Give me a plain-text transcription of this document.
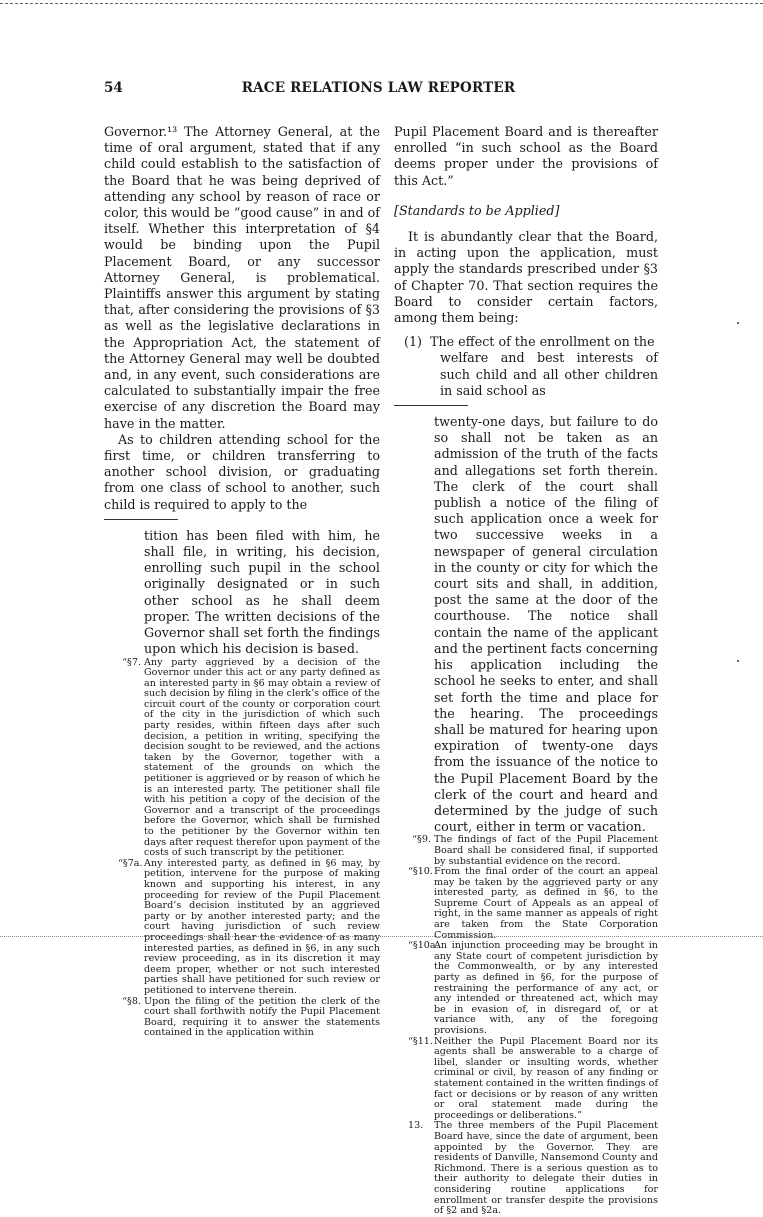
54	RACE RELATIONS LAW REPORTER

Governor.¹³ The Attorney General, at the time of oral argument, stated that if any child could establish to the satisfaction of the Board that he was being deprived of attending any school by reason of race or color, this would be “good cause” in and of itself. Whether this interpretation of §4 would be binding upon the Pupil Placement Board, or any successor Attorney General, is problematical. Plaintiffs answer this argument by stating that, after considering the provisions of §3 as well as the legislative declarations in the Appropriation Act, the statement of the Attorney General may well be doubted and, in any event, such considerations are calculated to substantially impair the free exercise of any discretion the Board may have in the matter.

As to children attending school for the first time, or children transferring to another school division, or graduating from one class of school to another, such child is required to apply to the

tition has been filed with him, he shall file, in writing, his decision, enrolling such pupil in the school originally designated or in such other school as he shall deem proper. The written decisions of the Governor shall set forth the findings upon which his decision is based.

“§7. Any party aggrieved by a decision of the Governor under this act or any party defined as an interested party in §6 may obtain a review of such decision by filing in the clerk’s office of the circuit court of the county or corporation court of the city in the jurisdiction of which such party resides, within fifteen days after such decision, a petition in writing, specifying the decision sought to be reviewed, and the actions taken by the Governor, together with a statement of the grounds on which the petitioner is aggrieved or by reason of which he is an interested party. The petitioner shall file with his petition a copy of the decision of the Governor and a transcript of the proceedings before the Governor, which shall be furnished to the petitioner by the Governor within ten days after request therefor upon payment of the costs of such transcript by the petitioner.
“§7a. Any interested party, as defined in §6 may, by petition, intervene for the purpose of making known and supporting his interest, in any proceeding for review of the Pupil Placement Board’s decision instituted by an aggrieved party or by another interested party; and the court having jurisdiction of such review proceedings shall hear the evidence of as many interested parties, as defined in §6, in any such review proceeding, as in its discretion it may deem proper, whether or not such interested parties shall have petitioned for such review or petitioned to intervene therein.
“§8. Upon the filing of the petition the clerk of the court shall forthwith notify the Pupil Placement Board, requiring it to answer the statements contained in the application within

Pupil Placement Board and is thereafter enrolled “in such school as the Board deems proper under the provisions of this Act.”

[Standards to be Applied]

It is abundantly clear that the Board, in acting upon the application, must apply the standards prescribed under §3 of Chapter 70. That section requires the Board to consider certain factors, among them being:

(1) The effect of the enrollment on the
welfare and best interests of such child and all other children in said school as

twenty-one days, but failure to do so shall not be taken as an admission of the truth of the facts and allegations set forth therein. The clerk of the court shall publish a notice of the filing of such application once a week for two successive weeks in a newspaper of general circulation in the county or city for which the court sits and shall, in addition, post the same at the door of the courthouse. The notice shall contain the name of the applicant and the pertinent facts concerning his application including the school he seeks to enter, and shall set forth the time and place for the hearing. The proceedings shall be matured for hearing upon expiration of twenty-one days from the issuance of the notice to the Pupil Placement Board by the clerk of the court and heard and determined by the judge of such court, either in term or vacation.

“§9. The findings of fact of the Pupil Placement Board shall be considered final, if supported by substantial evidence on the record.
“§10. From the final order of the court an appeal may be taken by the aggrieved party or any interested party, as defined in §6, to the Supreme Court of Appeals as an appeal of right, in the same manner as appeals of right are taken from the State Corporation Commission.
“§10a.
An injunction proceeding may be brought in any State court of competent jurisdiction by the Commonwealth, or by any interested party as defined in §6, for the purpose of restraining the performance of any act, or any intended or threatened act, which may be in evasion of, in disregard of, or at variance with, any of the foregoing provisions.
“§11. Neither the Pupil Placement Board nor its agents shall be answerable to a charge of libel, slander or insulting words, whether criminal or civil, by reason of any finding or statement contained in the written findings of fact or decisions or by reason of any written or oral statement made during the proceedings or deliberations.”
13.	The three members of the Pupil Placement Board have, since the date of argument, been appointed by the Governor. They are residents of Danville, Nansemond County and Richmond. There is a serious question as to their authority to delegate their duties in considering routine applications for enrollment or transfer despite the provisions of §2 and §2a.
